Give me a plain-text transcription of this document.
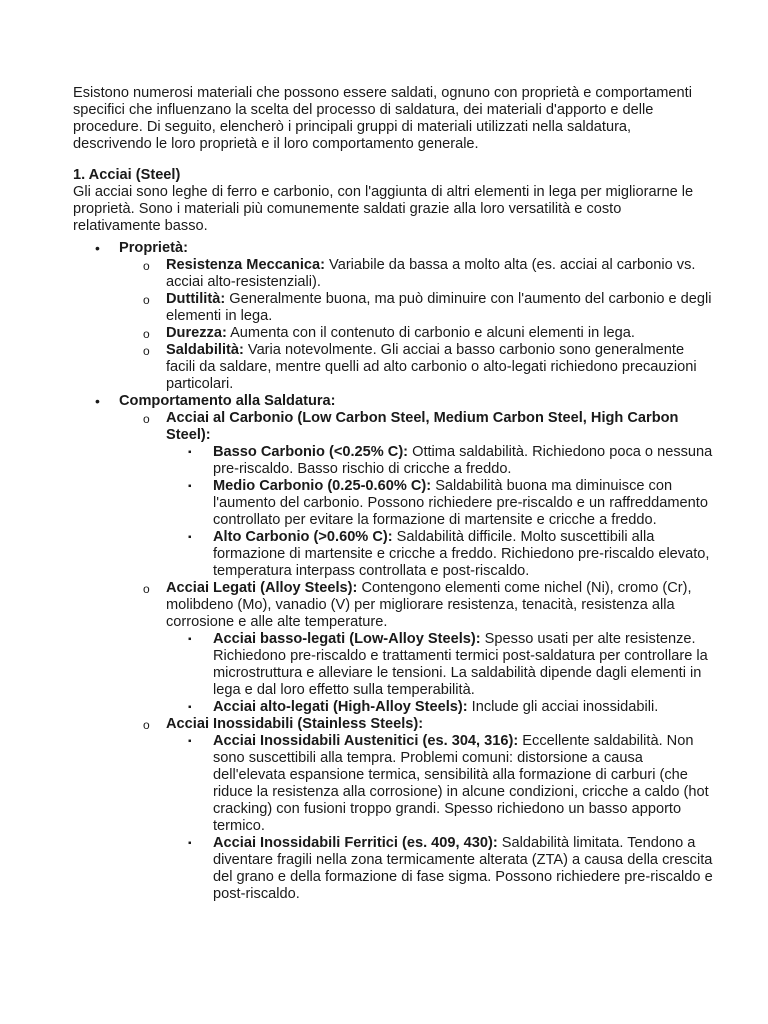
Esistono numerosi materiali che possono essere saldati, ognuno con proprietà e comportamenti specifici che influenzano la scelta del processo di saldatura, dei materiali d'apporto e delle procedure. Di seguito, elencherò i principali gruppi di materiali utilizzati nella saldatura, descrivendo le loro proprietà e il loro comportamento generale.

1. Acciai (Steel)

Gli acciai sono leghe di ferro e carbonio, con l'aggiunta di altri elementi in lega per migliorarne le proprietà. Sono i materiali più comunemente saldati grazie alla loro versatilità e costo relativamente basso.

• Proprietà:
o Resistenza Meccanica: Variabile da bassa a molto alta (es. acciai al carbonio vs. acciai alto-resistenziali).
o Duttilità: Generalmente buona, ma può diminuire con l'aumento del carbonio e degli elementi in lega.
o Durezza: Aumenta con il contenuto di carbonio e alcuni elementi in lega.
o Saldabilità: Varia notevolmente. Gli acciai a basso carbonio sono generalmente facili da saldare, mentre quelli ad alto carbonio o alto-legati richiedono precauzioni particolari.
• Comportamento alla Saldatura:
o Acciai al Carbonio (Low Carbon Steel, Medium Carbon Steel, High Carbon Steel):
▪ Basso Carbonio (<0.25% C): Ottima saldabilità. Richiedono poca o nessuna pre-riscaldo. Basso rischio di cricche a freddo.
▪ Medio Carbonio (0.25-0.60% C): Saldabilità buona ma diminuisce con l'aumento del carbonio. Possono richiedere pre-riscaldo e un raffreddamento controllato per evitare la formazione di martensite e cricche a freddo.
▪ Alto Carbonio (>0.60% C): Saldabilità difficile. Molto suscettibili alla formazione di martensite e cricche a freddo. Richiedono pre-riscaldo elevato, temperatura interpass controllata e post-riscaldo.
o Acciai Legati (Alloy Steels): Contengono elementi come nichel (Ni), cromo (Cr), molibdeno (Mo), vanadio (V) per migliorare resistenza, tenacità, resistenza alla corrosione e alle alte temperature.
▪ Acciai basso-legati (Low-Alloy Steels): Spesso usati per alte resistenze. Richiedono pre-riscaldo e trattamenti termici post-saldatura per controllare la microstruttura e alleviare le tensioni. La saldabilità dipende dagli elementi in lega e dal loro effetto sulla temperabilità.
▪ Acciai alto-legati (High-Alloy Steels): Include gli acciai inossidabili.
o Acciai Inossidabili (Stainless Steels):
▪ Acciai Inossidabili Austenitici (es. 304, 316): Eccellente saldabilità. Non sono suscettibili alla tempra. Problemi comuni: distorsione a causa dell'elevata espansione termica, sensibilità alla formazione di carburi (che riduce la resistenza alla corrosione) in alcune condizioni, cricche a caldo (hot cracking) con fusioni troppo grandi. Spesso richiedono un basso apporto termico.
▪ Acciai Inossidabili Ferritici (es. 409, 430): Saldabilità limitata. Tendono a diventare fragili nella zona termicamente alterata (ZTA) a causa della crescita del grano e della formazione di fase sigma. Possono richiedere pre-riscaldo e post-riscaldo.
